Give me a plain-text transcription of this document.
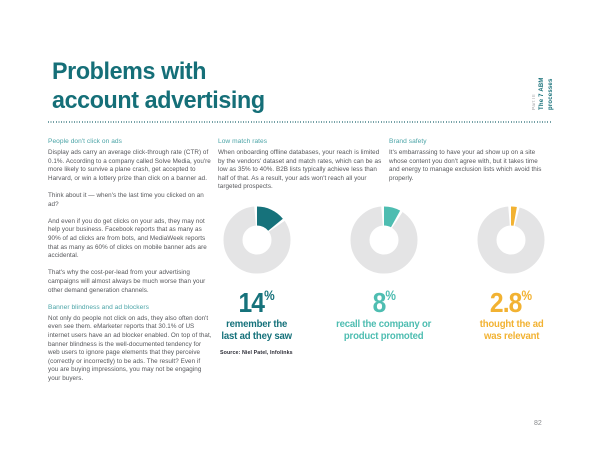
Problems with
account advertising	Part III The 7 ABM processes
People don't click on ads

Display ads carry an average click-through rate (CTR) of 0.1%. According to a company called Solve Media, you're more likely to survive a plane crash, get accepted to Harvard, or win a lottery prize than click on a banner ad.

Think about it — when's the last time you clicked on an ad?

And even if you do get clicks on your ads, they may not help your business. Facebook reports that as many as 90% of ad clicks are from bots, and MediaWeek reports that as many as 60% of clicks on mobile banner ads are accidental.

That's why the cost-per-lead from your advertising campaigns will almost always be much worse than your other demand generation channels.

Banner blindness and ad blockers

Not only do people not click on ads, they also often don't even see them. eMarketer reports that 30.1% of US internet users have an ad blocker enabled. On top of that, banner blindness is the well-documented tendency for web users to ignore page elements that they perceive (correctly or incorrectly) to be ads. The result? Even if you are buying impressions, you may not be engaging your buyers.

Low match rates

When onboarding offline databases, your reach is limited by the vendors' dataset and match rates, which can be as low as 35% to 40%. B2B lists typically achieve less than half of that. As a result, your ads won't reach all your targeted prospects.

Brand safety

It's embarrassing to have your ad show up on a site whose content you don't agree with, but it takes time and energy to manage exclusion lists which avoid this properly.

14%
remember the
last ad they saw
8%
recall the company or
product promoted
2.8%
thought the ad
was relevant
Source: Niel Patel, Infolinks
82
